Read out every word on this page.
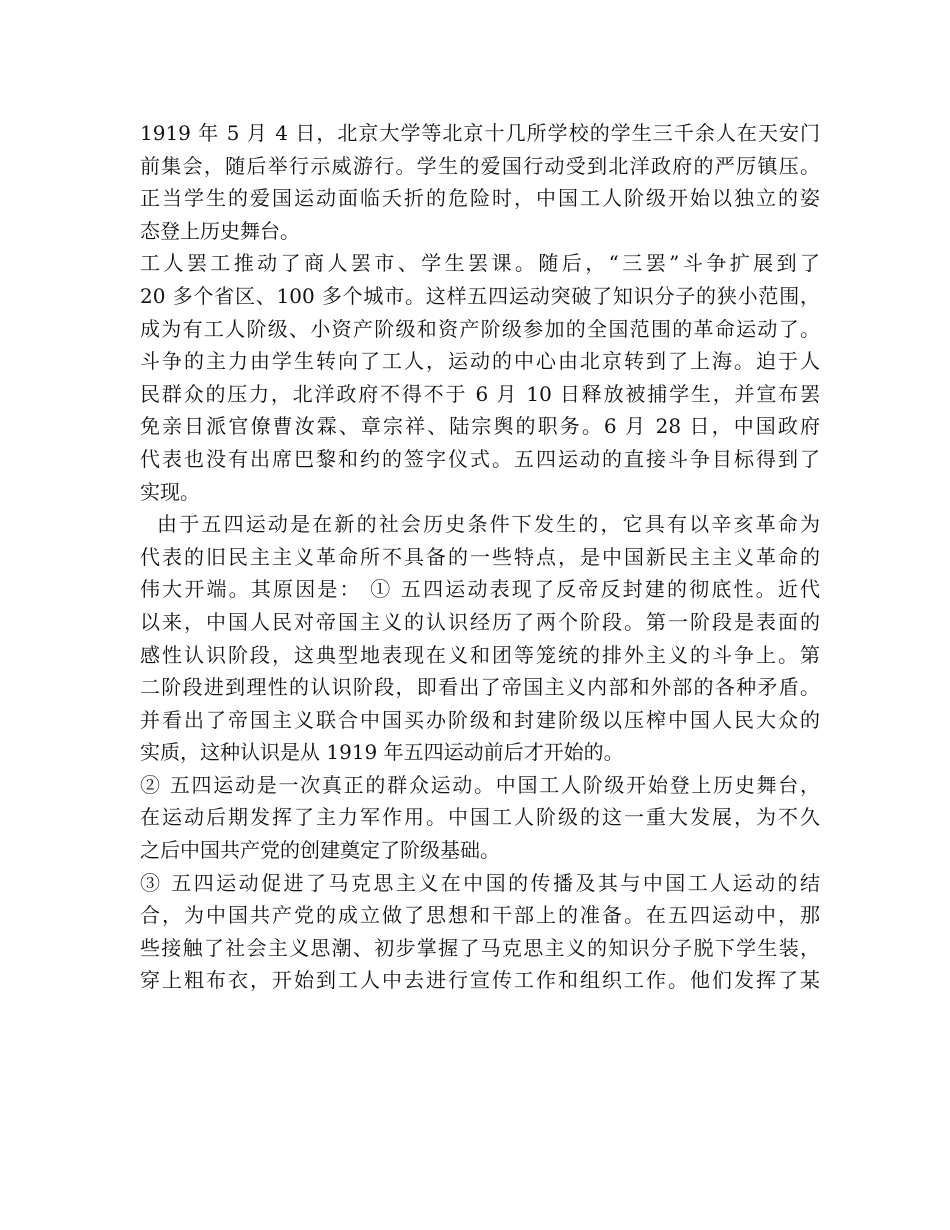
1919 年 5 月 4 日，北京大学等北京十几所学校的学生三千余人在天安门
前集会，随后举行示威游行。学生的爱国行动受到北洋政府的严厉镇压。
正当学生的爱国运动面临夭折的危险时，中国工人阶级开始以独立的姿
态登上历史舞台。
工人罢工推动了商人罢市、学生罢课。随后，“三罢”斗争扩展到了
20 多个省区、100 多个城市。这样五四运动突破了知识分子的狭小范围，
成为有工人阶级、小资产阶级和资产阶级参加的全国范围的革命运动了。
斗争的主力由学生转向了工人，运动的中心由北京转到了上海。迫于人
民群众的压力，北洋政府不得不于 6 月 10 日释放被捕学生，并宣布罢
免亲日派官僚曹汝霖、章宗祥、陆宗舆的职务。6 月 28 日，中国政府
代表也没有出席巴黎和约的签字仪式。五四运动的直接斗争目标得到了
实现。
由于五四运动是在新的社会历史条件下发生的，它具有以辛亥革命为
代表的旧民主主义革命所不具备的一些特点，是中国新民主主义革命的
伟大开端。其原因是： ① 五四运动表现了反帝反封建的彻底性。近代
以来，中国人民对帝国主义的认识经历了两个阶段。第一阶段是表面的
感性认识阶段，这典型地表现在义和团等笼统的排外主义的斗争上。第
二阶段进到理性的认识阶段，即看出了帝国主义内部和外部的各种矛盾。
并看出了帝国主义联合中国买办阶级和封建阶级以压榨中国人民大众的
实质，这种认识是从 1919 年五四运动前后才开始的。
② 五四运动是一次真正的群众运动。中国工人阶级开始登上历史舞台，
在运动后期发挥了主力军作用。中国工人阶级的这一重大发展，为不久
之后中国共产党的创建奠定了阶级基础。
③ 五四运动促进了马克思主义在中国的传播及其与中国工人运动的结
合，为中国共产党的成立做了思想和干部上的准备。在五四运动中，那
些接触了社会主义思潮、初步掌握了马克思主义的知识分子脱下学生装，
穿上粗布衣，开始到工人中去进行宣传工作和组织工作。他们发挥了某
